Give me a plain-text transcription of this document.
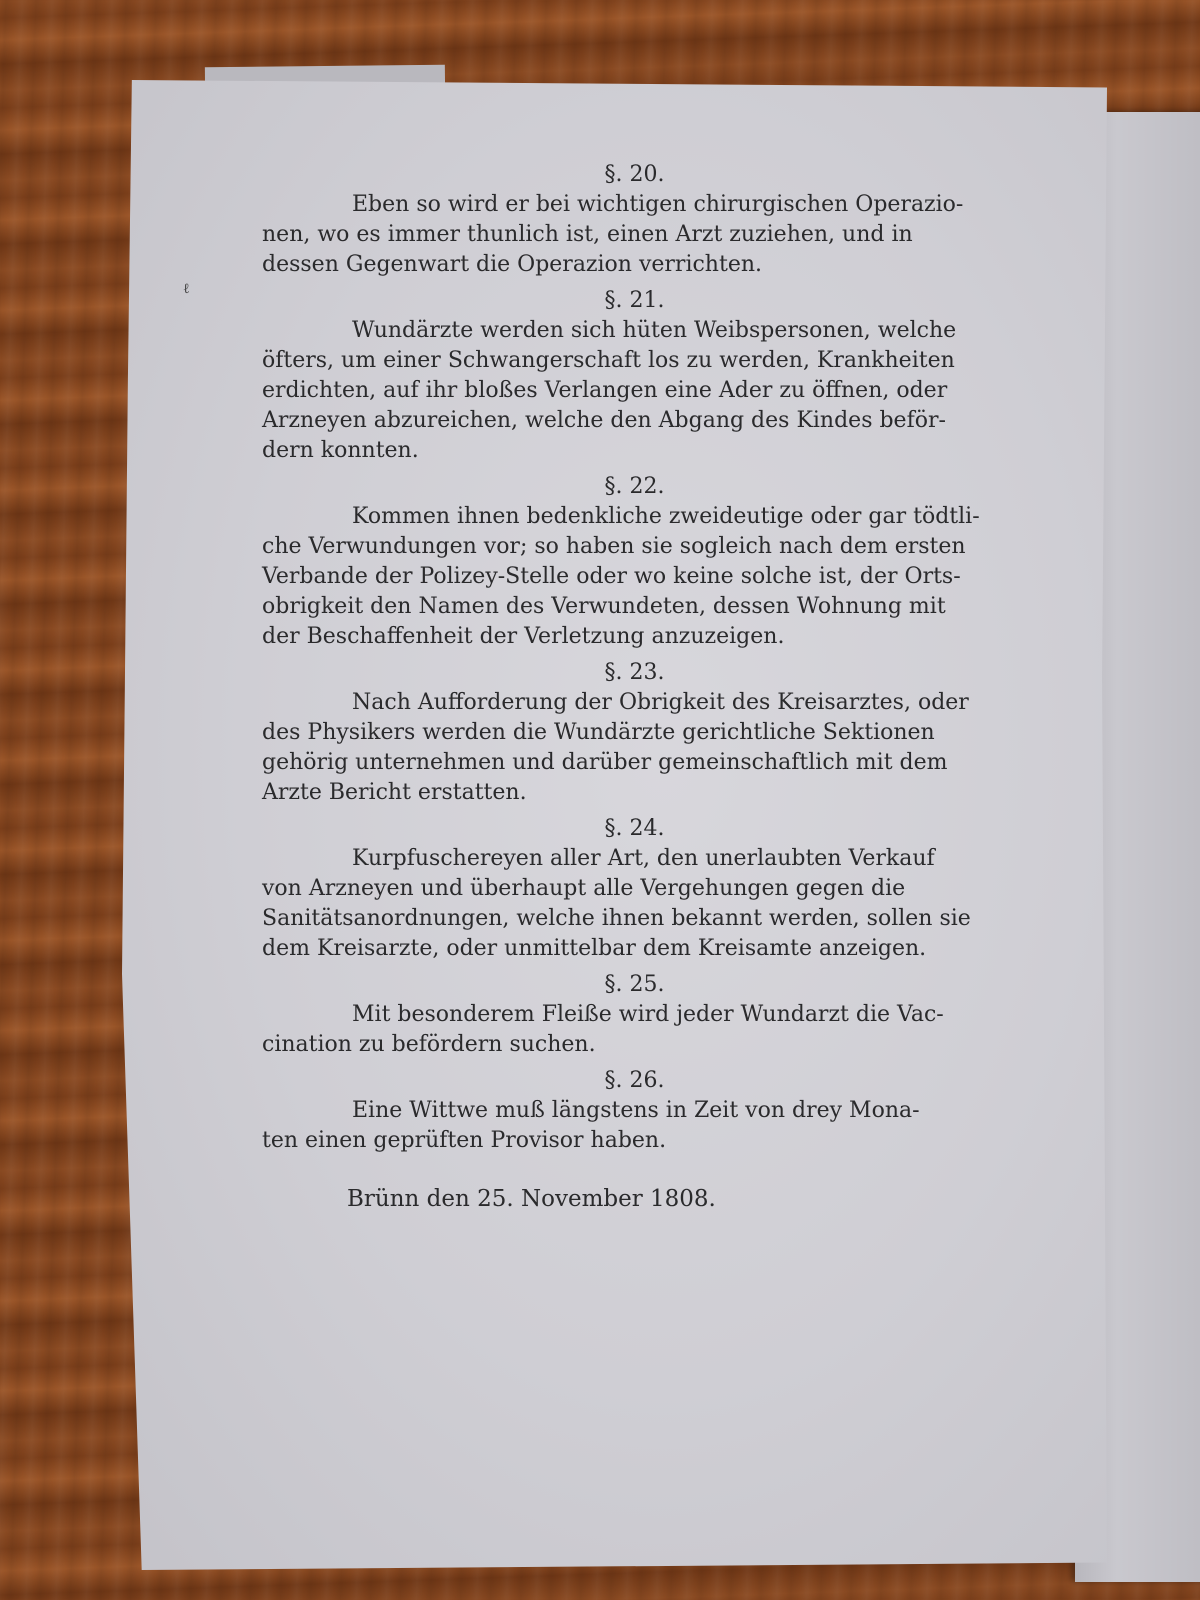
ℓ

§. 20.

Eben so wird er bei wichtigen chirurgischen Operazio-
nen, wo es immer thunlich ist, einen Arzt zuziehen, und in
dessen Gegenwart die Operazion verrichten.

§. 21.

Wundärzte werden sich hüten Weibspersonen, welche
öfters, um einer Schwangerschaft los zu werden, Krankheiten
erdichten, auf ihr bloßes Verlangen eine Ader zu öffnen, oder
Arzneyen abzureichen, welche den Abgang des Kindes beför-
dern konnten.

§. 22.

Kommen ihnen bedenkliche zweideutige oder gar tödtli-
che Verwundungen vor; so haben sie sogleich nach dem ersten
Verbande der Polizey-Stelle oder wo keine solche ist, der Orts-
obrigkeit den Namen des Verwundeten, dessen Wohnung mit
der Beschaffenheit der Verletzung anzuzeigen.

§. 23.

Nach Aufforderung der Obrigkeit des Kreisarztes, oder
des Physikers werden die Wundärzte gerichtliche Sektionen
gehörig unternehmen und darüber gemeinschaftlich mit dem
Arzte Bericht erstatten.

§. 24.

Kurpfuschereyen aller Art, den unerlaubten Verkauf
von Arzneyen und überhaupt alle Vergehungen gegen die
Sanitätsanordnungen, welche ihnen bekannt werden, sollen sie
dem Kreisarzte, oder unmittelbar dem Kreisamte anzeigen.

§. 25.

Mit besonderem Fleiße wird jeder Wundarzt die Vac-
cination zu befördern suchen.

§. 26.

Eine Wittwe muß längstens in Zeit von drey Mona-
ten einen geprüften Provisor haben.

Brünn den 25. November 1808.
